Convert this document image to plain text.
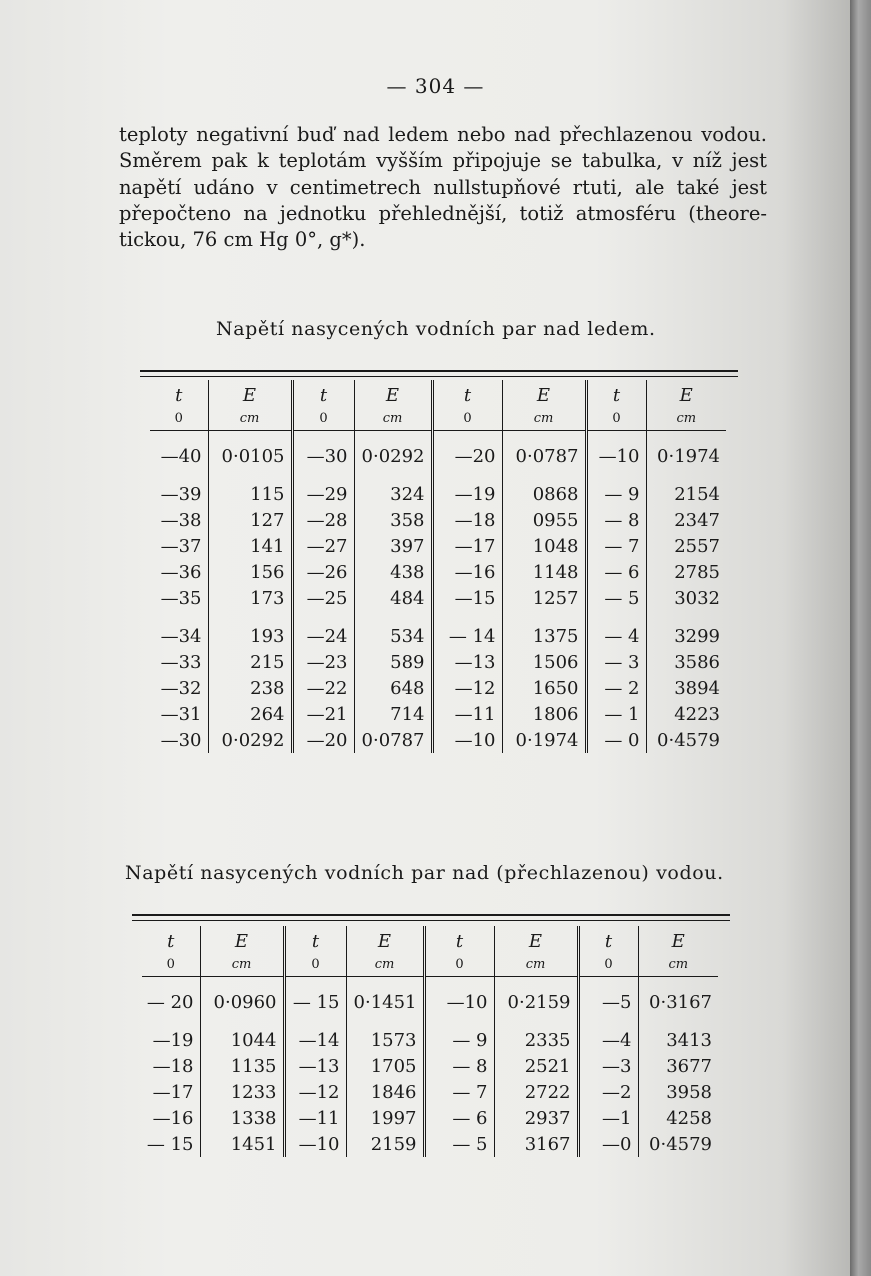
— 304 —
teploty negativní buď nad ledem nebo nad přechlazenou vodou.
Směrem pak k teplotám vyšším připojuje se tabulka, v níž jest
napětí udáno v centimetrech nullstupňové rtuti, ale také jest
přepočteno na jednotku přehlednější, totiž atmosféru (theore-
tickou, 76 cm Hg 0°, g*).
Napětí nasycených vodních par nad ledem.
t	E	t	E	t	E	t	E
0	cm	0	cm	0	cm	0	cm

—40	0·0105	—30	0·0292	—20	0·0787	—10	0·1974

—39	115	—29	324	—19	0868	— 9	2154
—38	127	—28	358	—18	0955	— 8	2347
—37	141	—27	397	—17	1048	— 7	2557
—36	156	—26	438	—16	1148	— 6	2785
—35	173	—25	484	—15	1257	— 5	3032

—34	193	—24	534	— 14	1375	— 4	3299
—33	215	—23	589	—13	1506	— 3	3586
—32	238	—22	648	—12	1650	— 2	3894
—31	264	—21	714	—11	1806	— 1	4223
—30	0·0292	—20	0·0787	—10	0·1974	— 0	0·4579
Napětí nasycených vodních par nad (přechlazenou) vodou.
t	E	t	E	t	E	t	E
0	cm	0	cm	0	cm	0	cm

— 20	0·0960	— 15	0·1451	—10	0·2159	—5	0·3167

—19	1044	—14	1573	— 9	2335	—4	3413
—18	1135	—13	1705	— 8	2521	—3	3677
—17	1233	—12	1846	— 7	2722	—2	3958
—16	1338	—11	1997	— 6	2937	—1	4258
— 15	1451	—10	2159	— 5	3167	—0	0·4579
